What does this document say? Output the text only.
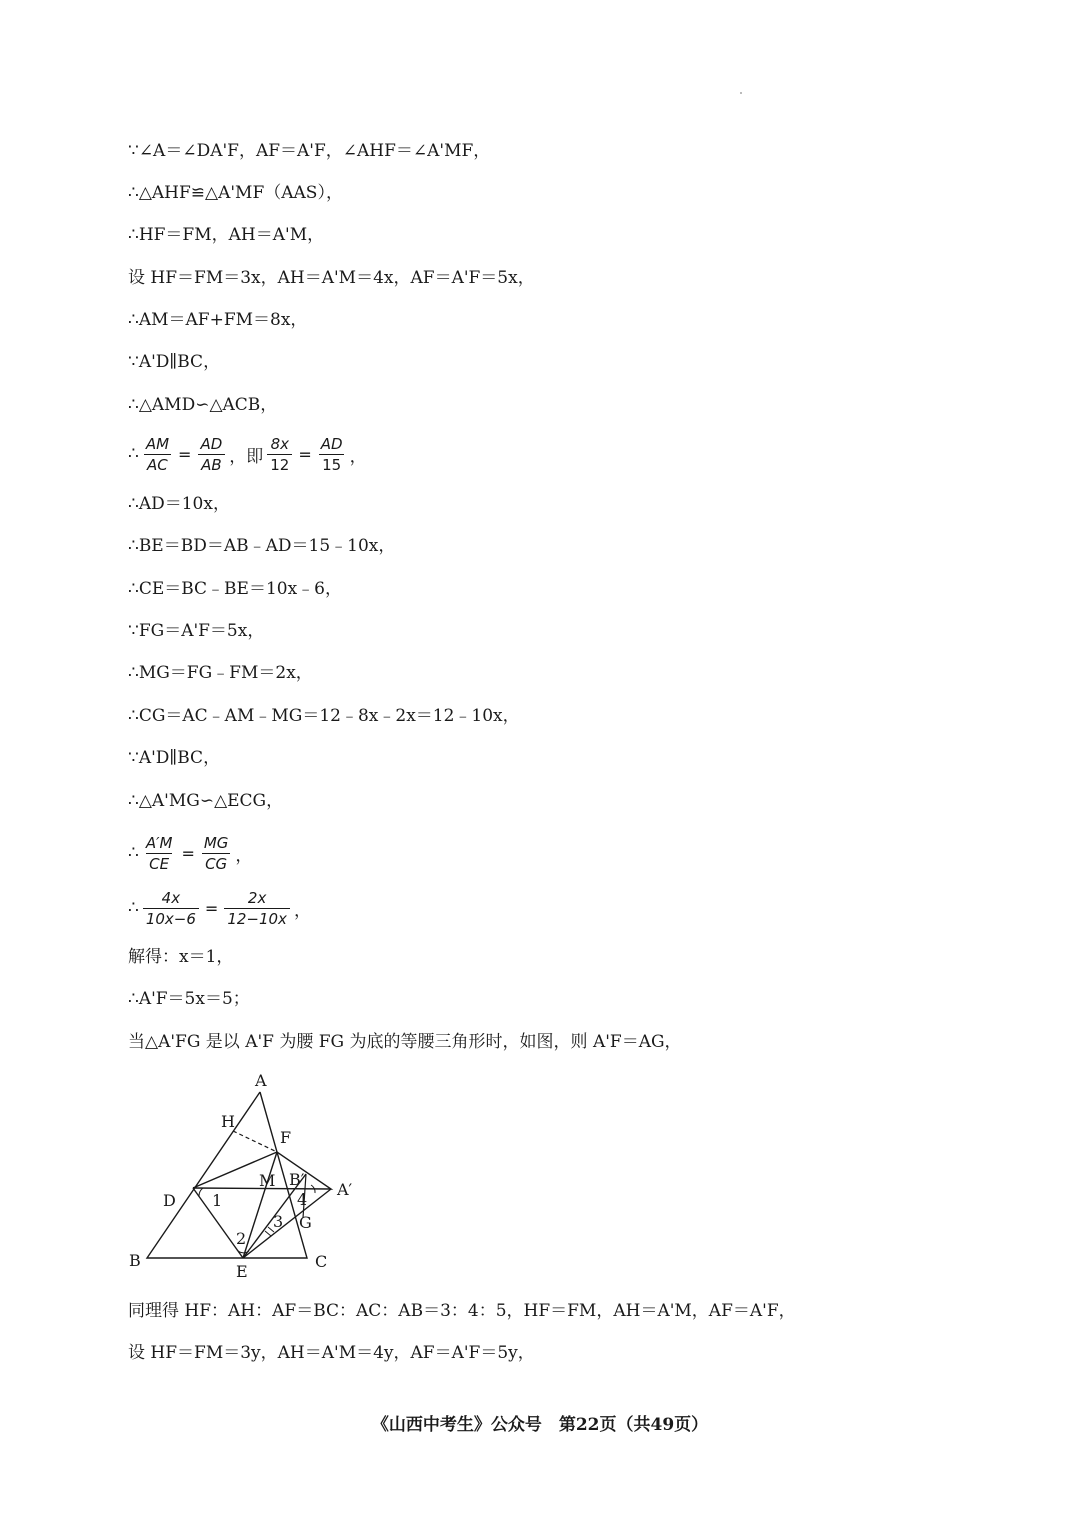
∵∠A＝∠DA'F，AF＝A'F，∠AHF＝∠A'MF，
∴△AHF≌△A'MF（AAS），
∴HF＝FM，AH＝A'M，
设 HF＝FM＝3x，AH＝A'M＝4x，AF＝A'F＝5x，
∴AM＝AF+FM＝8x，
∵A'D∥BC，
∴△AMD∽△ACB，
∴ $\frac{AM}{AC} = \frac{AD}{AB}$ ，即 $\frac{8x}{12} = \frac{AD}{15}$ ，
∴AD＝10x，
∴BE＝BD＝AB﹣AD＝15﹣10x，
∴CE＝BC﹣BE＝10x﹣6，
∵FG＝A'F＝5x，
∴MG＝FG﹣FM＝2x，
∴CG＝AC﹣AM﹣MG＝12﹣8x﹣2x＝12﹣10x，
∵A'D∥BC，
∴△A'MG∽△ECG，
∴ $\frac{A'M}{CE} = \frac{MG}{CG}$ ，
∴ $\frac{4x}{10x-6} = \frac{2x}{12-10x}$ ，
解得：x＝1，
∴A'F＝5x＝5；
当△A'FG 是以 A'F 为腰 FG 为底的等腰三角形时，如图，则 A'F＝AG，
A
H
F
M B′
A′
D 1	4
G
3
2
B
E
C
同理得 HF：AH：AF＝BC：AC：AB＝3：4：5，HF＝FM，AH＝A'M，AF＝A'F，
设 HF＝FM＝3y，AH＝A'M＝4y，AF＝A'F＝5y，
《山西中考生》公众号　第22页（共49页）
